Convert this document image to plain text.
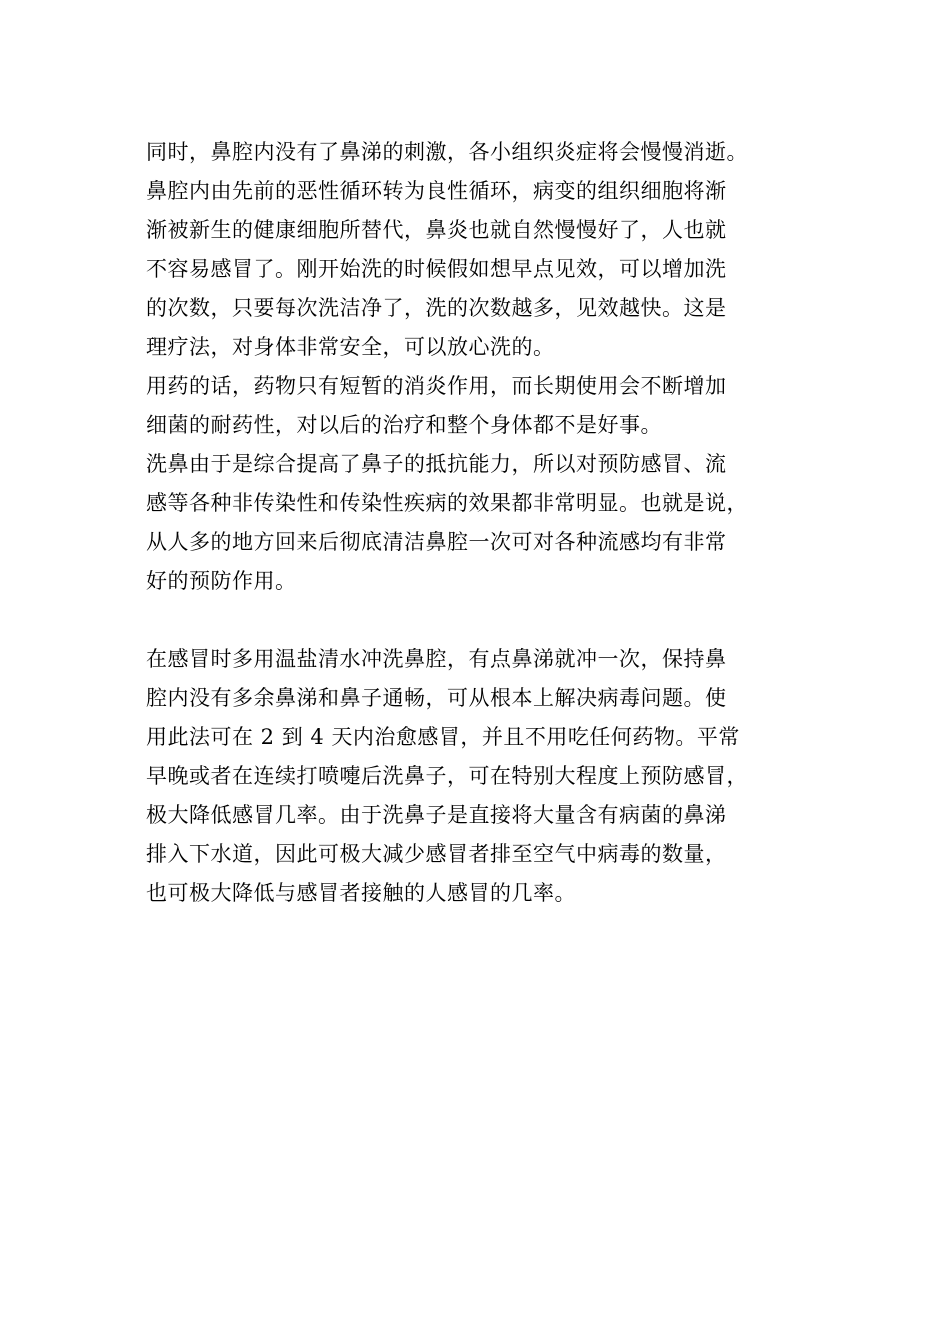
同时，鼻腔内没有了鼻涕的刺激，各小组织炎症将会慢慢消逝。
鼻腔内由先前的恶性循环转为良性循环，病变的组织细胞将渐
渐被新生的健康细胞所替代，鼻炎也就自然慢慢好了，人也就
不容易感冒了。刚开始洗的时候假如想早点见效，可以增加洗
的次数，只要每次洗洁净了，洗的次数越多，见效越快。这是
理疗法，对身体非常安全，可以放心洗的。
用药的话，药物只有短暂的消炎作用，而长期使用会不断增加
细菌的耐药性，对以后的治疗和整个身体都不是好事。
洗鼻由于是综合提高了鼻子的抵抗能力，所以对预防感冒、流
感等各种非传染性和传染性疾病的效果都非常明显。也就是说，
从人多的地方回来后彻底清洁鼻腔一次可对各种流感均有非常
好的预防作用。
在感冒时多用温盐清水冲洗鼻腔，有点鼻涕就冲一次，保持鼻
腔内没有多余鼻涕和鼻子通畅，可从根本上解决病毒问题。使
用此法可在 2 到 4 天内治愈感冒，并且不用吃任何药物。平常
早晚或者在连续打喷嚏后洗鼻子，可在特别大程度上预防感冒，
极大降低感冒几率。由于洗鼻子是直接将大量含有病菌的鼻涕
排入下水道，因此可极大减少感冒者排至空气中病毒的数量，
也可极大降低与感冒者接触的人感冒的几率。
